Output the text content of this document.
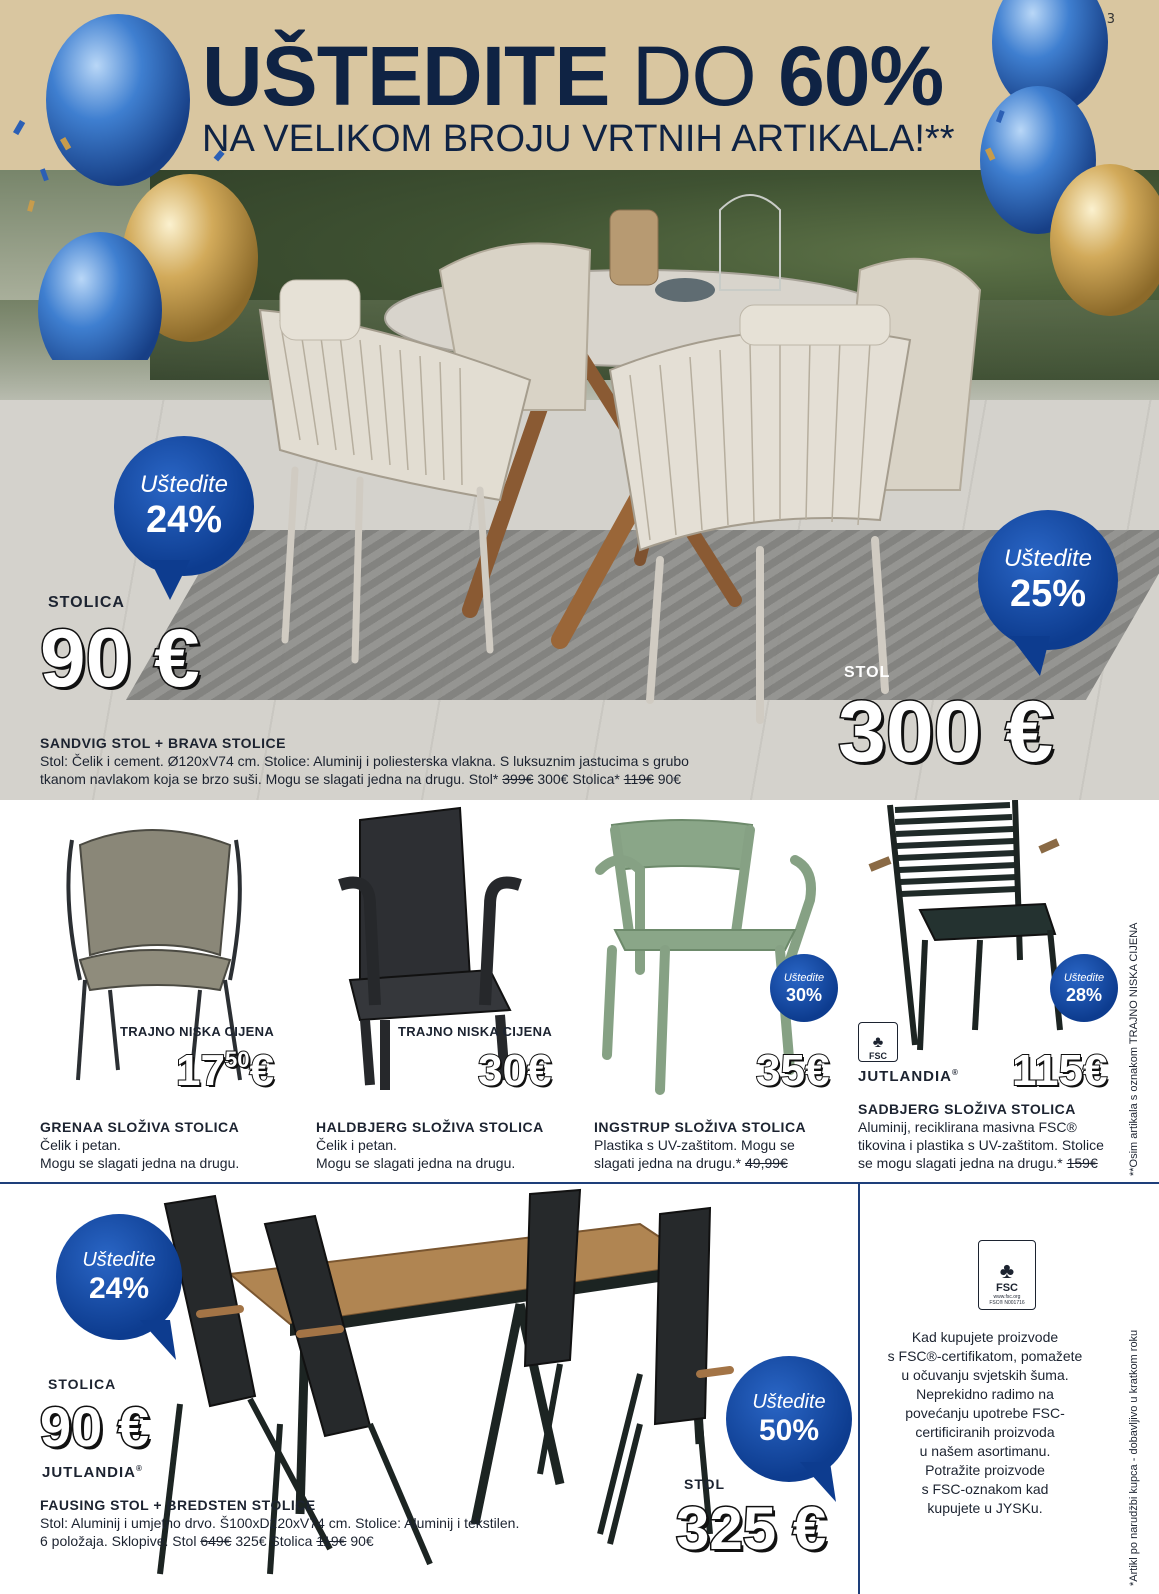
3
UŠTEDITE DO 60%
NA VELIKOM BROJU VRTNIH ARTIKALA!**
Uštedite
24%
Uštedite
25%
STOLICA
90 €	STOL
300 €
SANDVIG STOL + BRAVA STOLICE
Stol: Čelik i cement. Ø120xV74 cm. Stolice: Aluminij i poliesterska vlakna. S luksuznim jastucima s grubo
tkanom navlakom koja se brzo suši. Mogu se slagati jedna na drugu. Stol* 399€ 300€ Stolica* 119€ 90€
Uštedite
30%
Uštedite
28%
TRAJNO NISKA CIJENA	TRAJNO NISKA CIJENA
$17^{50}€$	30€	35€	115€
♣
FSC
JUTLANDIA®
GRENAA SLOŽIVA STOLICA
Čelik i petan.
Mogu se slagati jedna na drugu.
HALDBJERG SLOŽIVA STOLICA
Čelik i petan.
Mogu se slagati jedna na drugu.
INGSTRUP SLOŽIVA STOLICA
Plastika s UV-zaštitom. Mogu se
slagati jedna na drugu.* 49,99€
SADBJERG SLOŽIVA STOLICA
Aluminij, reciklirana masivna FSC®
tikovina i plastika s UV-zaštitom. Stolice
se mogu slagati jedna na drugu.* 159€	**Osim artikala s oznakom TRAJNO NISKA CIJENA
Uštedite
24%
Uštedite
50%
STOLICA
90 €
JUTLANDIA®
STOL
325 €
FAUSING STOL + BREDSTEN STOLICE
Stol: Aluminij i umjetno drvo. Š100xD220xV74 cm. Stolice: Aluminij i tekstilen.
6 položaja. Sklopive. Stol 649€ 325€ Stolica 119€ 90€
♣
FSC
www.fsc.org
FSC® N001716
Kad kupujete proizvode
s FSC®-certifikatom, pomažete
u očuvanju svjetskih šuma.
Neprekidno radimo na
povećanju upotrebe FSC-
certificiranih proizvoda
u našem asortimanu.
Potražite proizvode
s FSC-oznakom kad
kupujete u JYSKu.	*Artikl po narudžbi kupca - dobavljivo u kratkom roku
